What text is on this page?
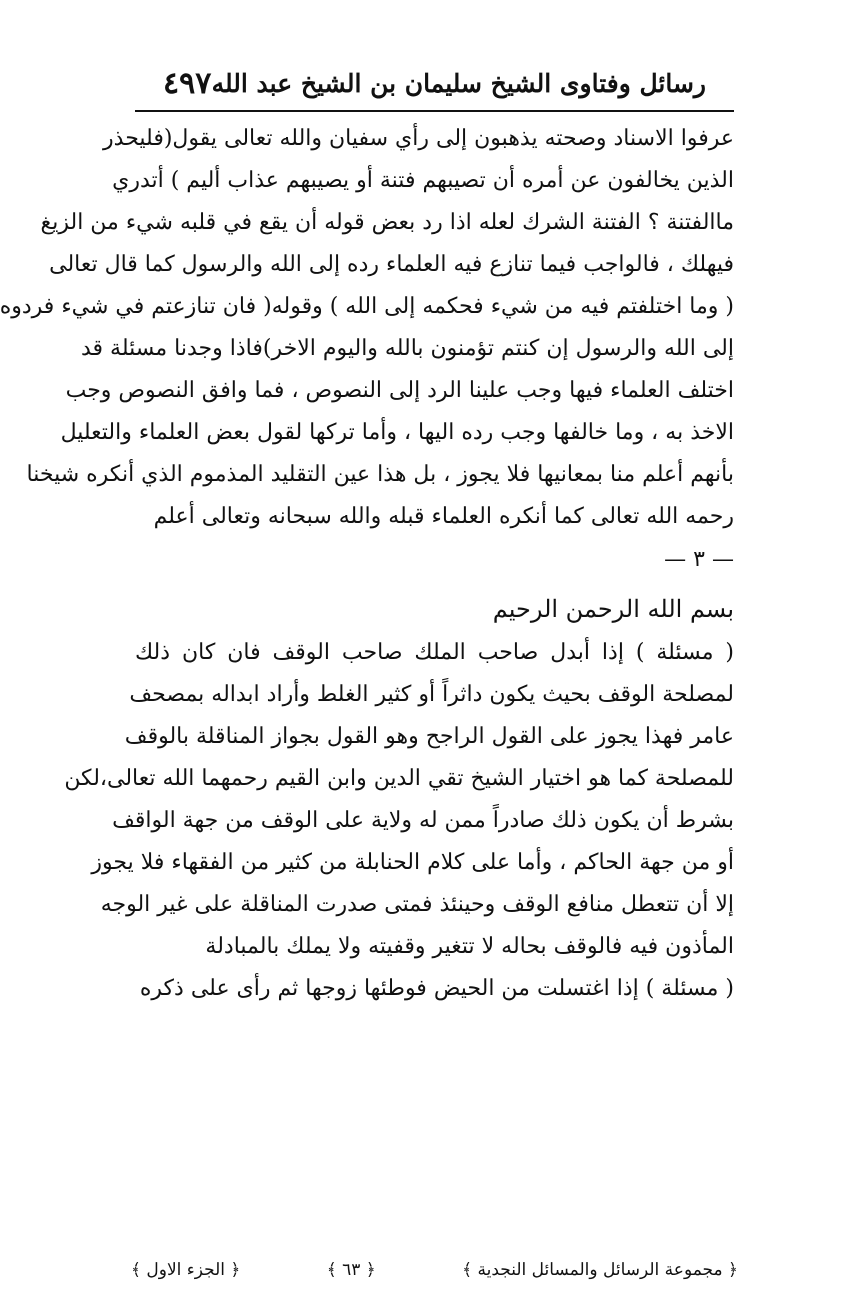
رسائل وفتاوى الشيخ سليمان بن الشيخ عبد الله
٤٩٧
عرفوا الاسناد وصحته يذهبون إلى رأي سفيان والله تعالى يقول(فليحذر
الذين يخالفون عن أمره أن تصيبهم فتنة أو يصيبهم عذاب أليم ) أتدري
ماالفتنة ؟ الفتنة الشرك لعله اذا رد بعض قوله أن يقع في قلبه شيء من الزيغ
فيهلك ، فالواجب فيما تنازع فيه العلماء رده إلى الله والرسول كما قال تعالى
( وما اختلفتم فيه من شيء فحكمه إلى الله ) وقوله( فان تنازعتم في شيء فردوه
إلى الله والرسول إن كنتم تؤمنون بالله واليوم الاخر)فاذا وجدنا مسئلة قد
اختلف العلماء فيها وجب علينا الرد إلى النصوص ، فما وافق النصوص وجب
الاخذ به ، وما خالفها وجب رده اليها ، وأما تركها لقول بعض العلماء والتعليل
بأنهم أعلم منا بمعانيها فلا يجوز ، بل هذا عين التقليد المذموم الذي أنكره شيخنا
رحمه الله تعالى كما أنكره العلماء قبله والله سبحانه وتعالى أعلم
— ٣ —
بسم الله الرحمن الرحيم
( مسئلة ) إذا أبدل صاحب الملك صاحب الوقف فان كان ذلك
لمصلحة الوقف بحيث يكون داثراً أو كثير الغلط وأراد ابداله بمصحف
عامر فهذا يجوز على القول الراجح وهو القول بجواز المناقلة بالوقف
للمصلحة كما هو اختيار الشيخ تقي الدين وابن القيم رحمهما الله تعالى،لكن
بشرط أن يكون ذلك صادراً ممن له ولاية على الوقف من جهة الواقف
أو من جهة الحاكم ، وأما على كلام الحنابلة من كثير من الفقهاء فلا يجوز
إلا أن تتعطل منافع الوقف وحينئذ فمتى صدرت المناقلة على غير الوجه
المأذون فيه فالوقف بحاله لا تتغير وقفيته ولا يملك بالمبادلة
( مسئلة ) إذا اغتسلت من الحيض فوطئها زوجها ثم رأى على ذكره
﴿ مجموعة الرسائل والمسائل النجدية ﴾
﴿ ٦٣ ﴾
﴿ الجزء الاول ﴾
